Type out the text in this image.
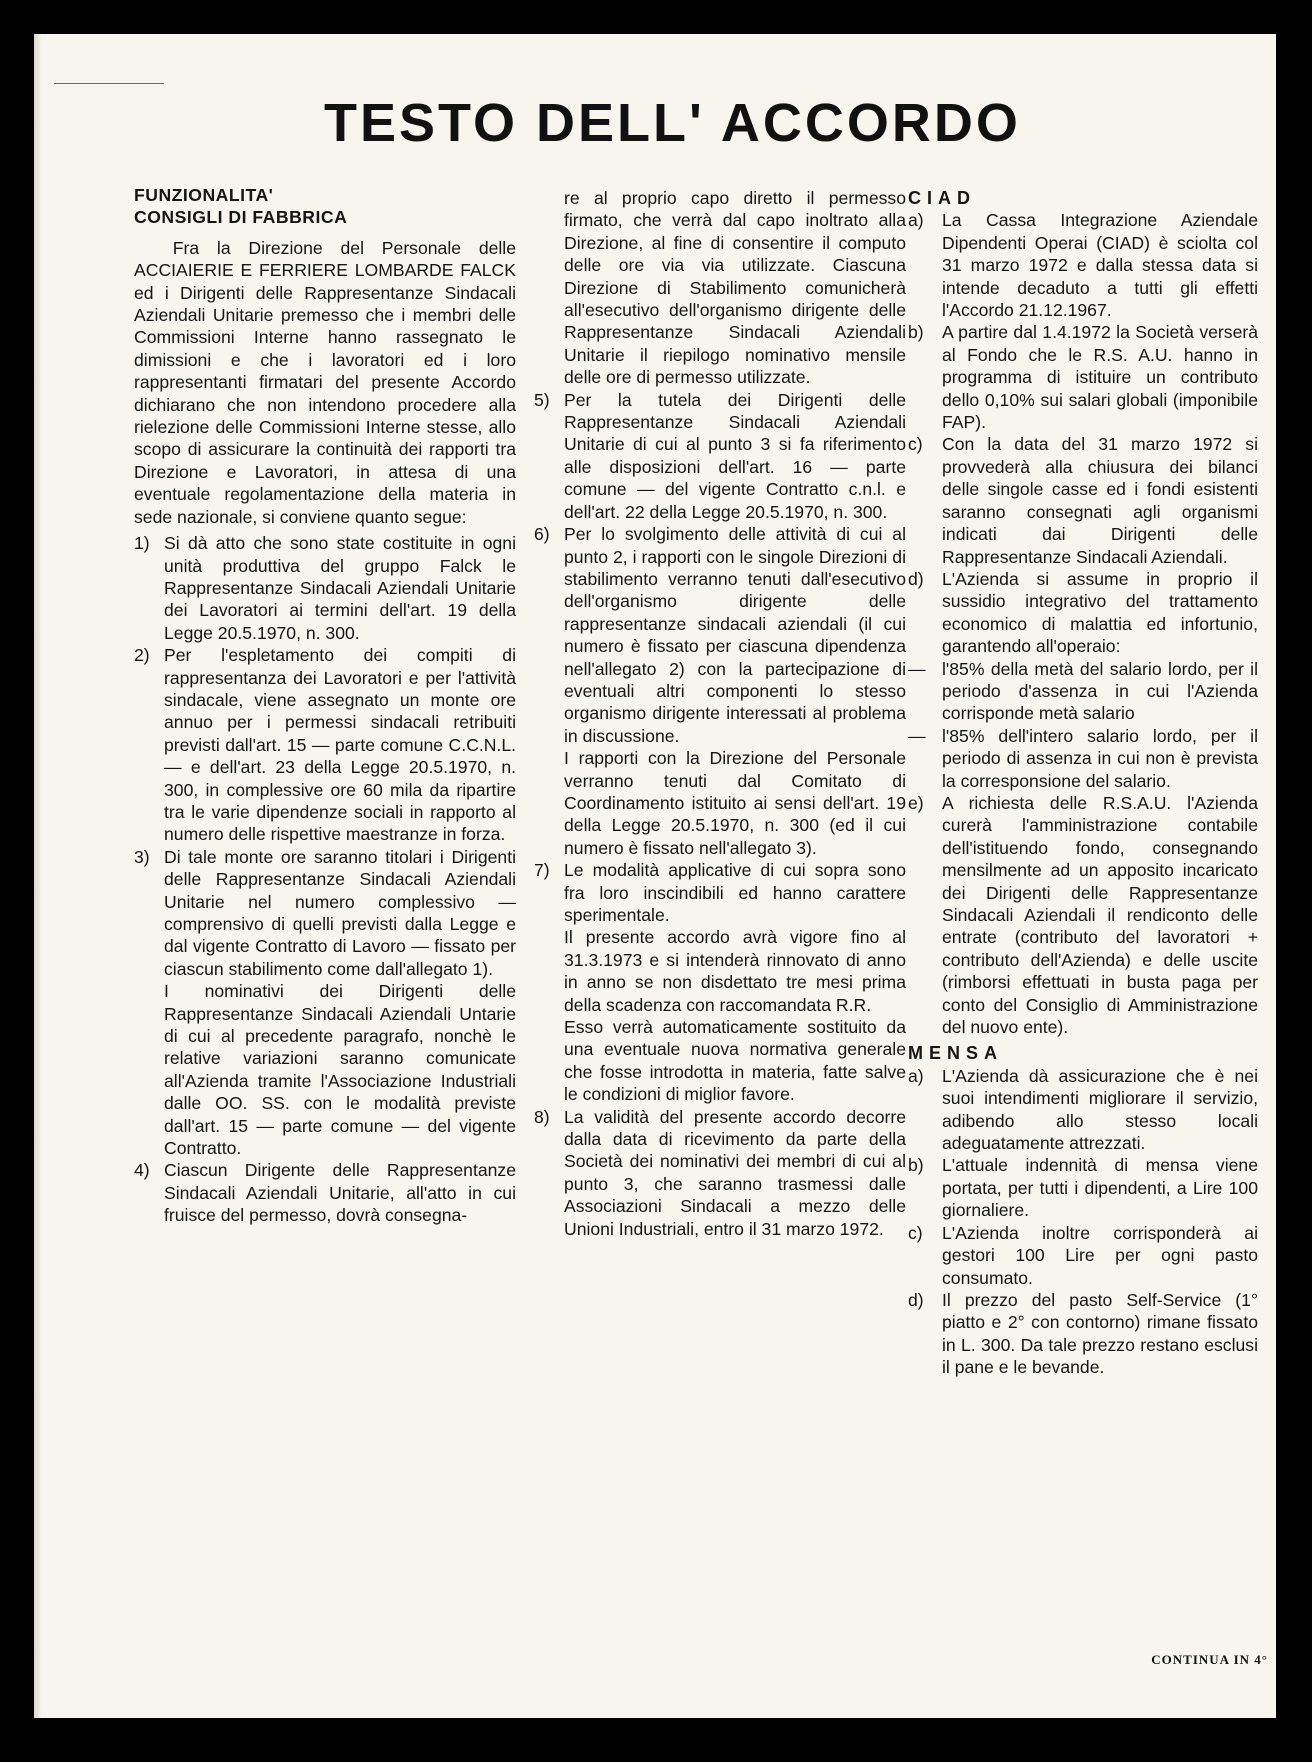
TESTO DELL' ACCORDO

FUNZIONALITA'

CONSIGLI DI FABBRICA

Fra la Direzione del Personale delle ACCIAIERIE E FERRIERE LOMBARDE FALCK ed i Dirigenti delle Rappresentanze Sindacali Aziendali Unitarie premesso che i membri delle Commissioni Interne hanno rassegnato le dimissioni e che i lavoratori ed i loro rappresentanti firmatari del presente Accordo dichiarano che non intendono procedere alla rielezione delle Commissioni Interne stesse, allo scopo di assicurare la continuità dei rapporti tra Direzione e Lavoratori, in attesa di una eventuale regolamentazione della materia in sede nazionale, si conviene quanto segue:

1) Si dà atto che sono state costituite in ogni unità produttiva del gruppo Falck le Rappresentanze Sindacali Aziendali Unitarie dei Lavoratori ai termini dell'art. 19 della Legge 20.5.1970, n. 300.
2) Per l'espletamento dei compiti di rappresentanza dei Lavoratori e per l'attività sindacale, viene assegnato un monte ore annuo per i permessi sindacali retribuiti previsti dall'art. 15 — parte comune C.C.N.L. — e dell'art. 23 della Legge 20.5.1970, n. 300, in complessive ore 60 mila da ripartire tra le varie dipendenze sociali in rapporto al numero delle rispettive maestranze in forza.
3) Di tale monte ore saranno titolari i Dirigenti delle Rappresentanze Sindacali Aziendali Unitarie nel numero complessivo — comprensivo di quelli previsti dalla Legge e dal vigente Contratto di Lavoro — fissato per ciascun stabilimento come dall'allegato 1).
I nominativi dei Dirigenti delle Rappresentanze Sindacali Aziendali Untarie di cui al precedente paragrafo, nonchè le relative variazioni saranno comunicate all'Azienda tramite l'Associazione Industriali dalle OO. SS. con le modalità previste dall'art. 15 — parte comune — del vigente Contratto.
4) Ciascun Dirigente delle Rappresentanze Sindacali Aziendali Unitarie, all'atto in cui fruisce del permesso, dovrà consegna-
re al proprio capo diretto il permesso firmato, che verrà dal capo inoltrato alla Direzione, al fine di consentire il computo delle ore via via utilizzate. Ciascuna Direzione di Stabilimento comunicherà all'esecutivo dell'organismo dirigente delle Rappresentanze Sindacali Aziendali Unitarie il riepilogo nominativo mensile delle ore di permesso utilizzate.
5) Per la tutela dei Dirigenti delle Rappresentanze Sindacali Aziendali Unitarie di cui al punto 3 si fa riferimento alle disposizioni dell'art. 16 — parte comune — del vigente Contratto c.n.l. e dell'art. 22 della Legge 20.5.1970, n. 300.
6) Per lo svolgimento delle attività di cui al punto 2, i rapporti con le singole Direzioni di stabilimento verranno tenuti dall'esecutivo dell'organismo dirigente delle rappresentanze sindacali aziendali (il cui numero è fissato per ciascuna dipendenza nell'allegato 2) con la partecipazione di eventuali altri componenti lo stesso organismo dirigente interessati al problema in discussione.
I rapporti con la Direzione del Personale verranno tenuti dal Comitato di Coordinamento istituito ai sensi dell'art. 19 della Legge 20.5.1970, n. 300 (ed il cui numero è fissato nell'allegato 3).
7) Le modalità applicative di cui sopra sono fra loro inscindibili ed hanno carattere sperimentale.
Il presente accordo avrà vigore fino al 31.3.1973 e si intenderà rinnovato di anno in anno se non disdettato tre mesi prima della scadenza con raccomandata R.R.
Esso verrà automaticamente sostituito da una eventuale nuova normativa generale che fosse introdotta in materia, fatte salve le condizioni di miglior favore.
8) La validità del presente accordo decorre dalla data di ricevimento da parte della Società dei nominativi dei membri di cui al punto 3, che saranno trasmessi dalle Associazioni Sindacali a mezzo delle Unioni Industriali, entro il 31 marzo 1972.

CIAD

a)	La Cassa Integrazione Aziendale Dipendenti Operai (CIAD) è sciolta col 31 marzo 1972 e dalla stessa data si intende decaduto a tutti gli effetti l'Accordo 21.12.1967.
b)	A partire dal 1.4.1972 la Società verserà al Fondo che le R.S. A.U. hanno in programma di istituire un contributo dello 0,10% sui salari globali (imponibile FAP).
c)	Con la data del 31 marzo 1972 si provvederà alla chiusura dei bilanci delle singole casse ed i fondi esistenti saranno consegnati agli organismi indicati dai Dirigenti delle Rappresentanze Sindacali Aziendali.
d)	L'Azienda si assume in proprio il sussidio integrativo del trattamento economico di malattia ed infortunio, garantendo all'operaio:
— l'85% della metà del salario lordo, per il periodo d'assenza in cui l'Azienda corrisponde metà salario
— l'85% dell'intero salario lordo, per il periodo di assenza in cui non è prevista la corresponsione del salario.
e)	A richiesta delle R.S.A.U. l'Azienda curerà l'amministrazione contabile dell'istituendo fondo, consegnando mensilmente ad un apposito incaricato dei Dirigenti delle Rappresentanze Sindacali Aziendali il rendiconto delle entrate (contributo del lavoratori + contributo dell'Azienda) e delle uscite (rimborsi effettuati in busta paga per conto del Consiglio di Amministrazione del nuovo ente).

MENSA

a)	L'Azienda dà assicurazione che è nei suoi intendimenti migliorare il servizio, adibendo allo stesso locali adeguatamente attrezzati.
b)	L'attuale indennità di mensa viene portata, per tutti i dipendenti, a Lire 100 giornaliere.
c)	L'Azienda inoltre corrisponderà ai gestori 100 Lire per ogni pasto consumato.
d)	Il prezzo del pasto Self-Service (1° piatto e 2° con contorno) rimane fissato in L. 300. Da tale prezzo restano esclusi il pane e le bevande.
CONTINUA IN 4°
